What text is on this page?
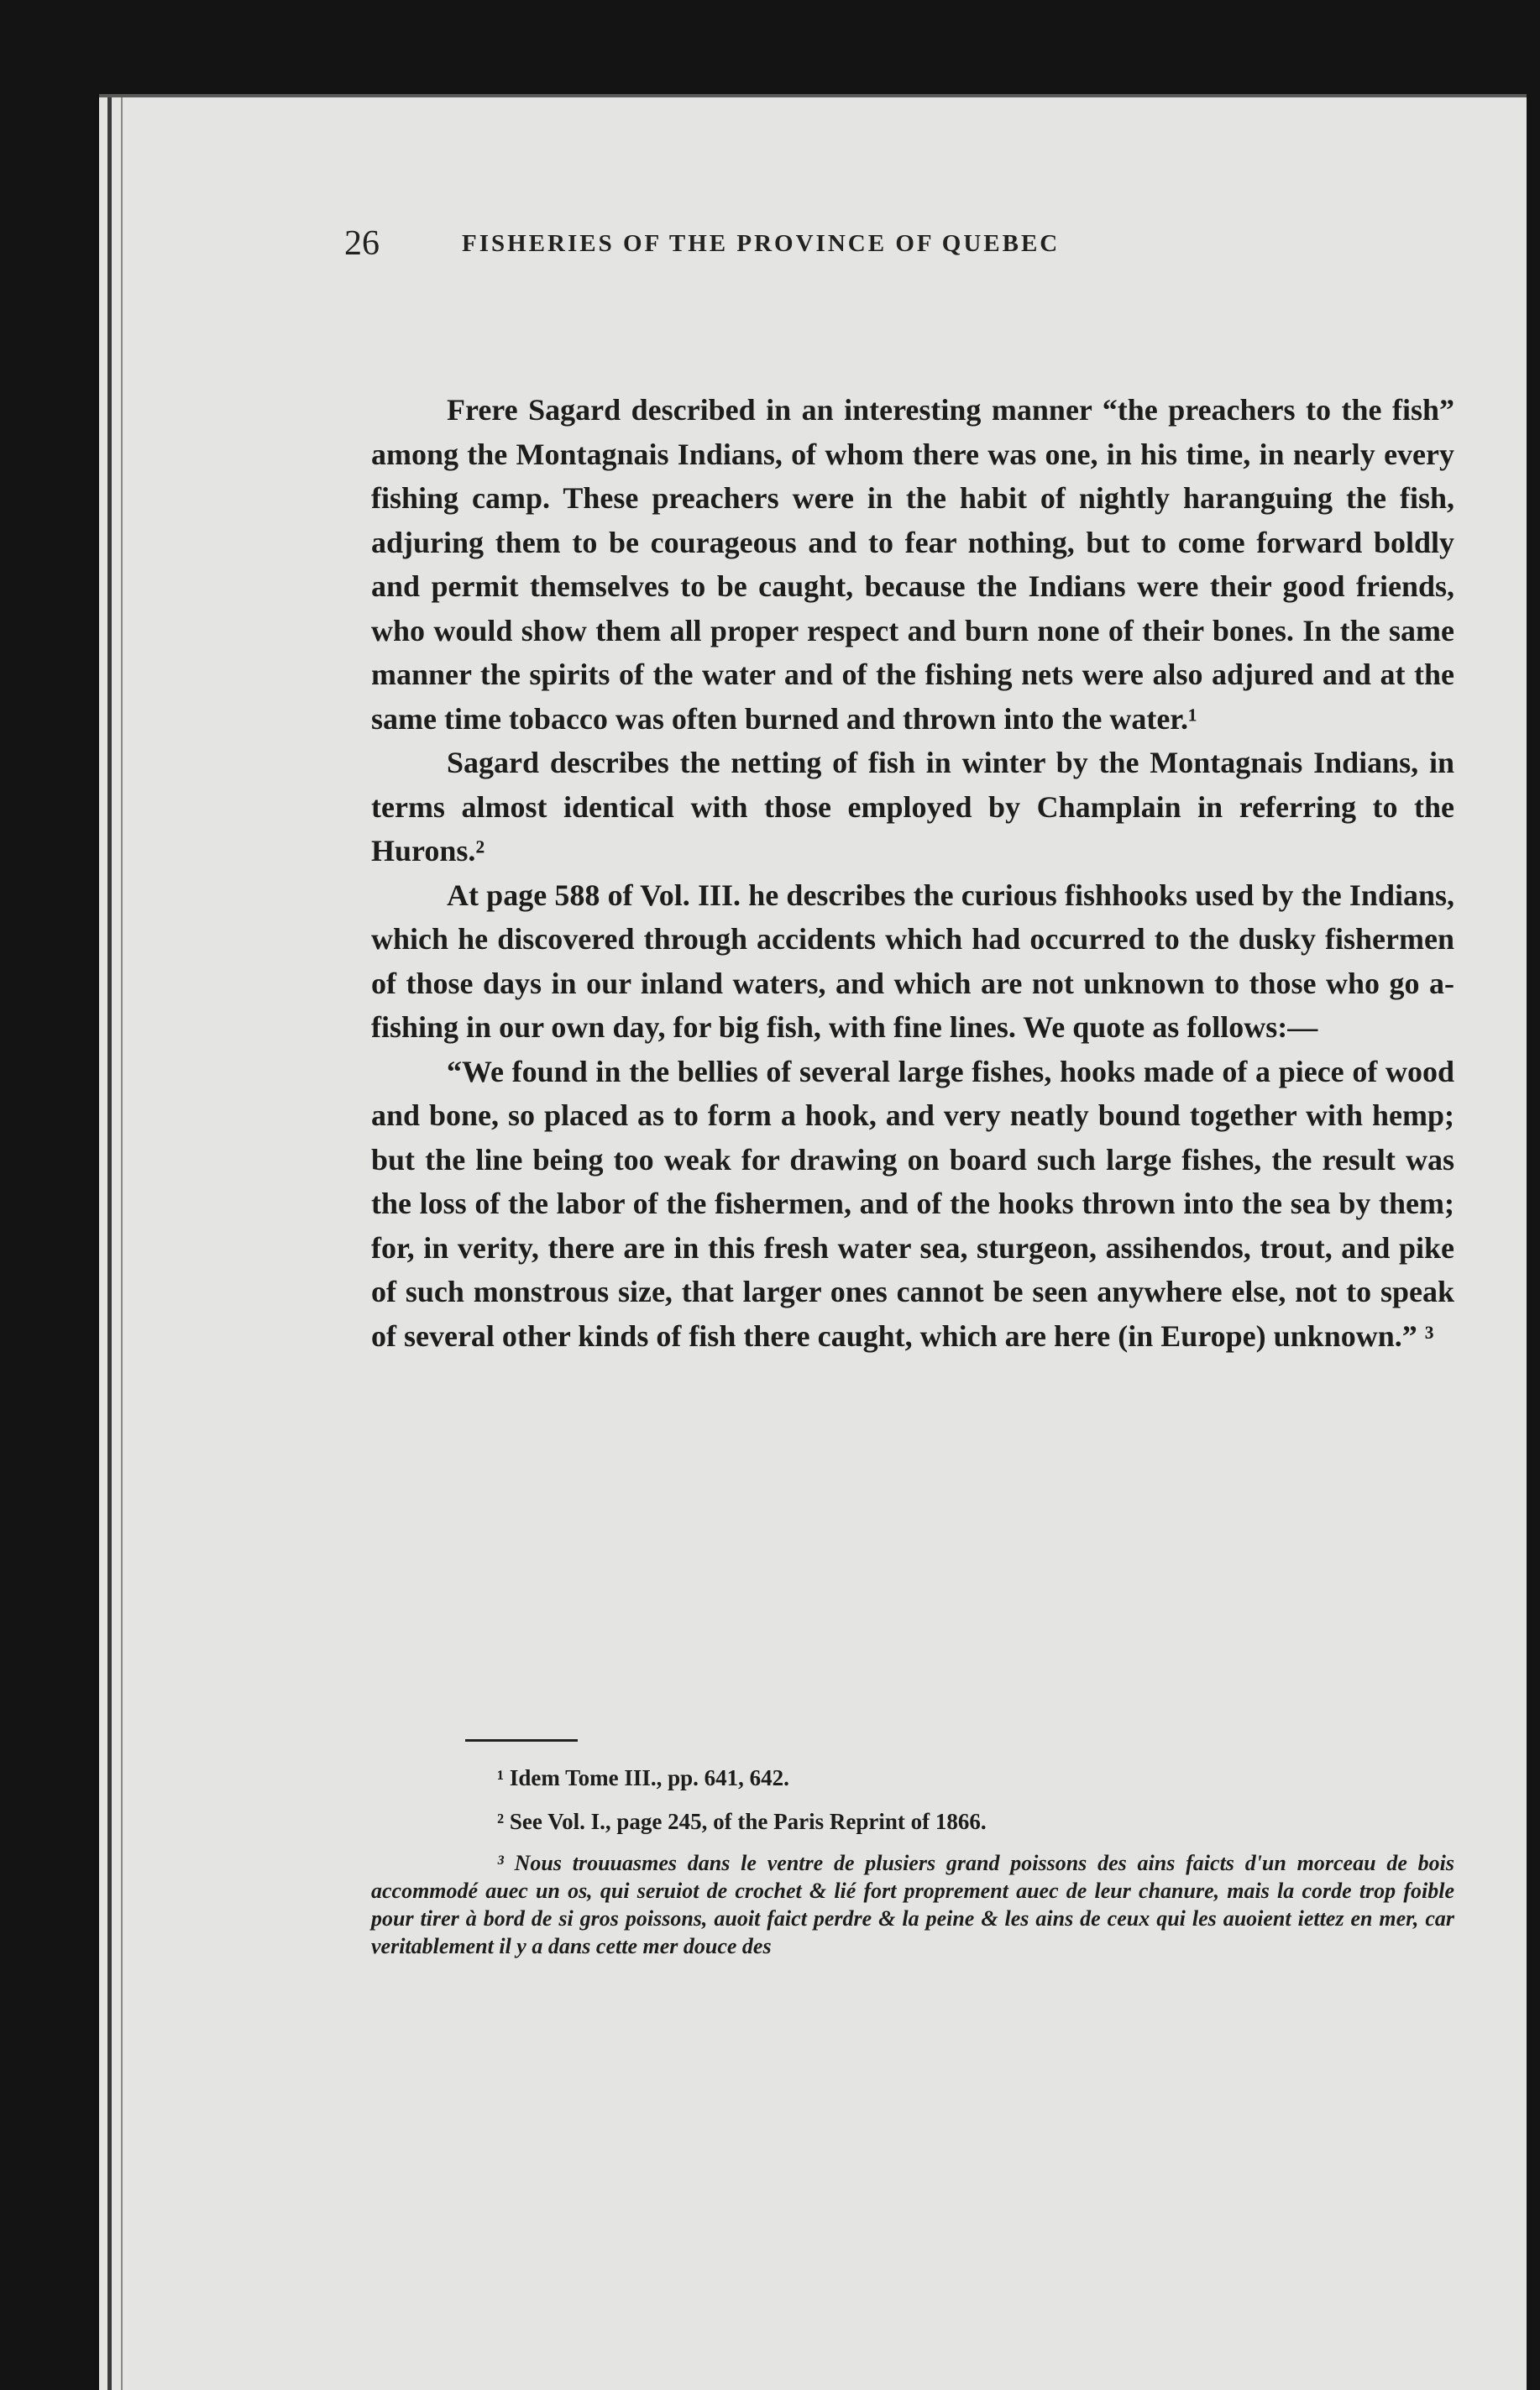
26	FISHERIES OF THE PROVINCE OF QUEBEC

Frere Sagard described in an interesting manner “the preachers to the fish” among the Montagnais Indians, of whom there was one, in his time, in nearly every fishing camp. These preachers were in the habit of nightly haranguing the fish, adjuring them to be courageous and to fear nothing, but to come forward boldly and permit themselves to be caught, because the Indians were their good friends, who would show them all proper respect and burn none of their bones. In the same manner the spirits of the water and of the fishing nets were also adjured and at the same time tobacco was often burned and thrown into the water.¹

Sagard describes the netting of fish in winter by the Montagnais Indians, in terms almost identical with those employed by Champlain in referring to the Hurons.²

At page 588 of Vol. III. he describes the curious fishhooks used by the Indians, which he discovered through accidents which had occurred to the dusky fishermen of those days in our inland waters, and which are not unknown to those who go a-fishing in our own day, for big fish, with fine lines. We quote as follows:—

“We found in the bellies of several large fishes, hooks made of a piece of wood and bone, so placed as to form a hook, and very neatly bound together with hemp; but the line being too weak for drawing on board such large fishes, the result was the loss of the labor of the fishermen, and of the hooks thrown into the sea by them; for, in verity, there are in this fresh water sea, sturgeon, assihendos, trout, and pike of such monstrous size, that larger ones cannot be seen anywhere else, not to speak of several other kinds of fish there caught, which are here (in Europe) unknown.” ³

¹ Idem Tome III., pp. 641, 642.

² See Vol. I., page 245, of the Paris Reprint of 1866.

³ Nous trouuasmes dans le ventre de plusiers grand poissons des ains faicts d'un morceau de bois accommodé auec un os, qui seruiot de crochet & lié fort proprement auec de leur chanure, mais la corde trop foible pour tirer à bord de si gros poissons, auoit faict perdre & la peine & les ains de ceux qui les auoient iettez en mer, car veritablement il y a dans cette mer douce des
